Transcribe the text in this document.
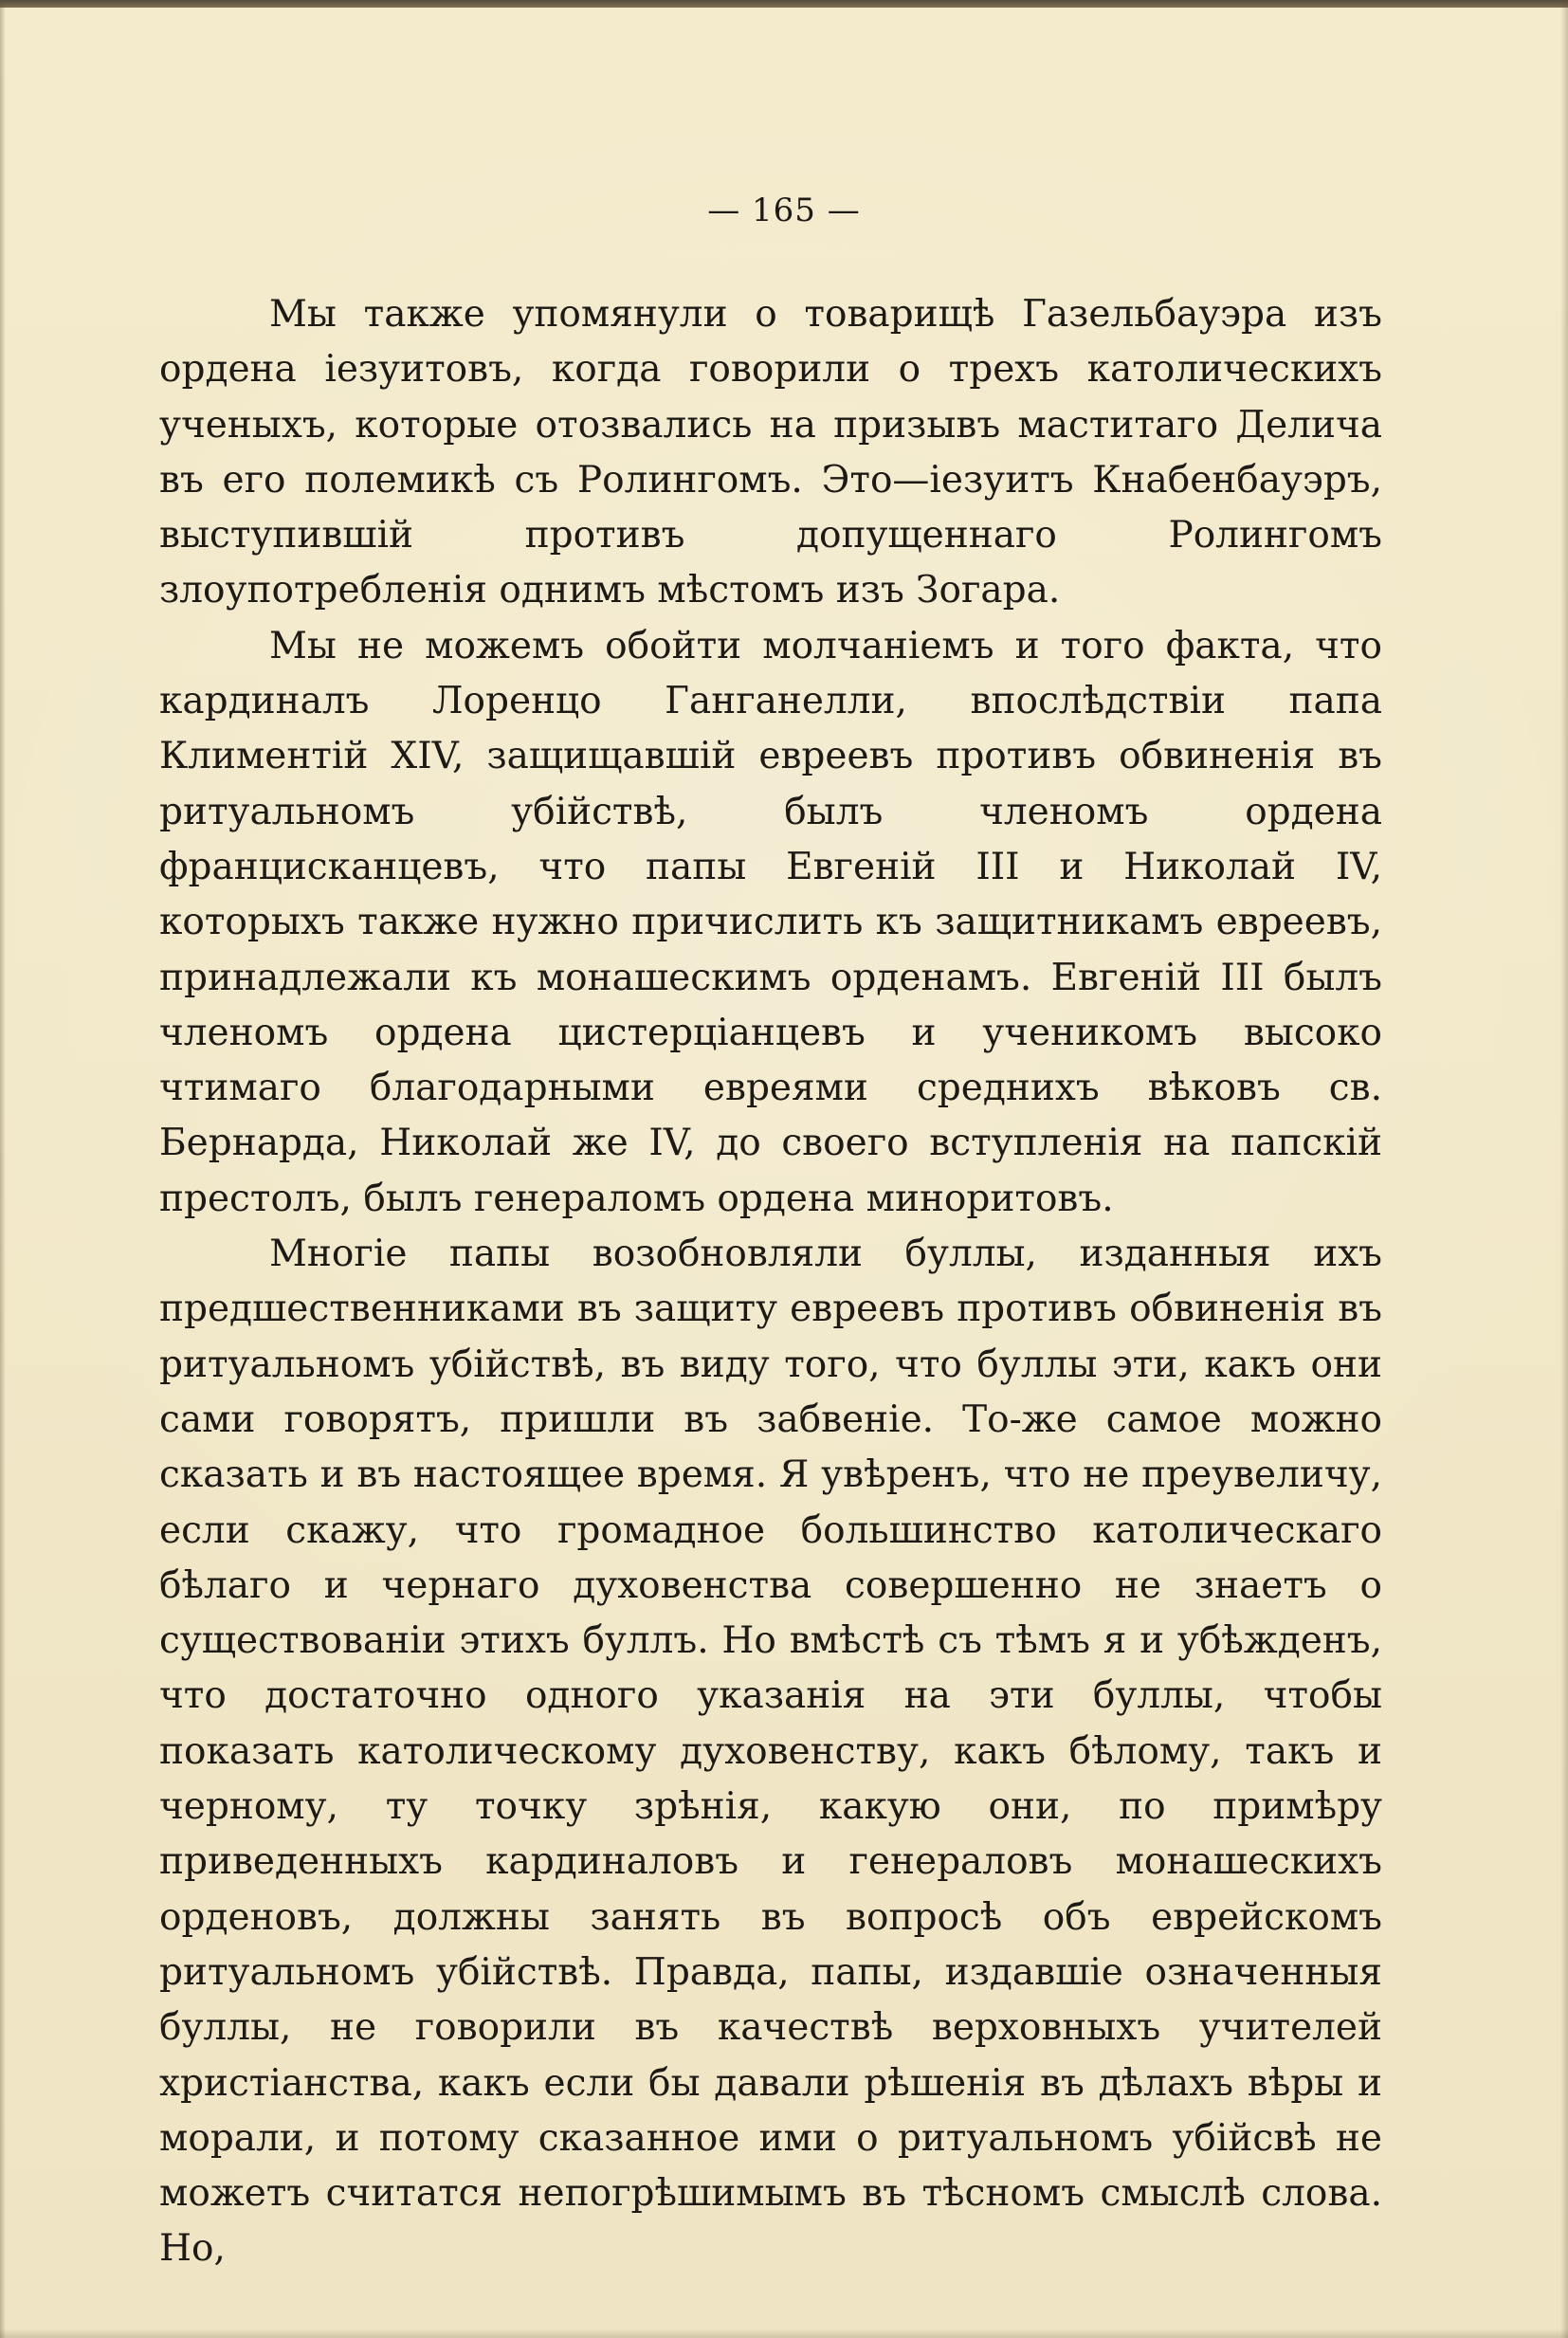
— 165 —

Мы также упомянули о товарищѣ Газельбауэра изъ ордена іезуитовъ, когда говорили о трехъ католическихъ ученыхъ, которые отозвались на призывъ маститаго Делича въ его полемикѣ съ Ролингомъ. Это—іезуитъ Кнабенбауэръ, выступившій противъ допущеннаго Ролингомъ злоупотребленія однимъ мѣстомъ изъ Зогара.

Мы не можемъ обойти молчаніемъ и того факта, что кардиналъ Лоренцо Ганганелли, впослѣдствіи папа Климентій XIV, защищавшій евреевъ противъ обвиненія въ ритуальномъ убійствѣ, былъ членомъ ордена францисканцевъ, что папы Евгеній III и Николай IV, которыхъ также нужно причислить къ защитникамъ евреевъ, принадлежали къ монашескимъ орденамъ. Евгеній III былъ членомъ ордена цистерціанцевъ и ученикомъ высоко чтимаго благодарными евреями среднихъ вѣковъ св. Бернарда, Николай же IV, до своего вступленія на папскій престолъ, былъ генераломъ ордена миноритовъ.

Многіе папы возобновляли буллы, изданныя ихъ предшественниками въ защиту евреевъ противъ обвиненія въ ритуальномъ убійствѣ, въ виду того, что буллы эти, какъ они сами говорятъ, пришли въ забвеніе. То-же самое можно сказать и въ настоящее время. Я увѣренъ, что не преувеличу, если скажу, что громадное большинство католическаго бѣлаго и чернаго духовенства совершенно не знаетъ о существованіи этихъ буллъ. Но вмѣстѣ съ тѣмъ я и убѣжденъ, что достаточно одного указанія на эти буллы, чтобы показать католическому духовенству, какъ бѣлому, такъ и черному, ту точку зрѣнія, какую они, по примѣру приведенныхъ кардиналовъ и генераловъ монашескихъ орденовъ, должны занять въ вопросѣ объ еврейскомъ ритуальномъ убійствѣ. Правда, папы, издавшіе означенныя буллы, не говорили въ качествѣ верховныхъ учителей христіанства, какъ если бы давали рѣшенія въ дѣлахъ вѣры и морали, и потому сказанное ими о ритуальномъ убійсвѣ не можетъ считатся непогрѣшимымъ въ тѣсномъ смыслѣ слова. Но,
